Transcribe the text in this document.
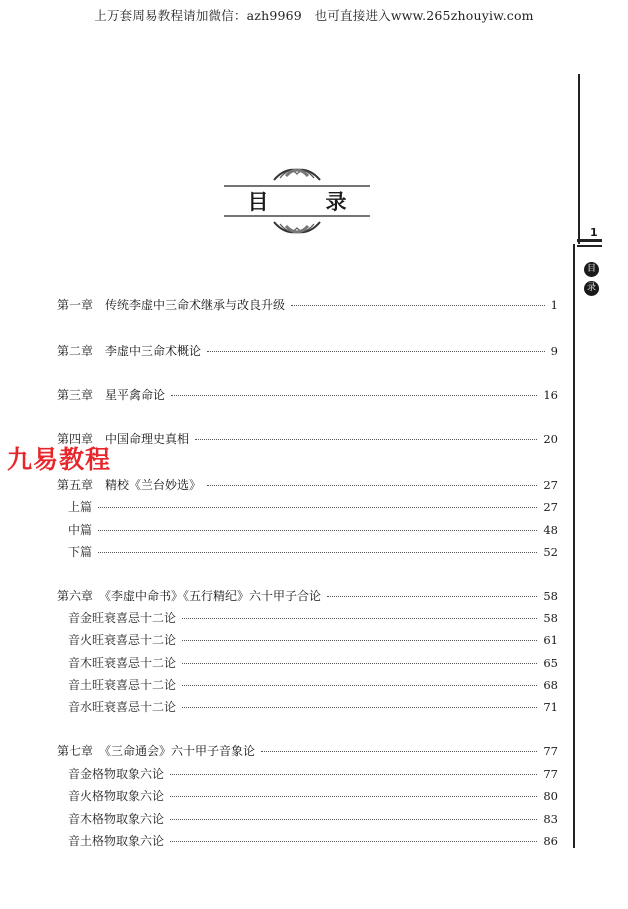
上万套周易教程请加微信：azh9969　也可直接进入www.265zhouyiw.com
目　录
1
目
录
第一章　传统李虚中三命术继承与改良升级	1
第二章　李虚中三命术概论	9
第三章　星平禽命论	16
第四章　中国命理史真相	20
第五章　精校《兰台妙选》	27
上篇	27
中篇	48
下篇	52
第六章　《李虚中命书》《五行精纪》六十甲子合论	58
音金旺衰喜忌十二论	58
音火旺衰喜忌十二论	61
音木旺衰喜忌十二论	65
音土旺衰喜忌十二论	68
音水旺衰喜忌十二论	71
第七章　《三命通会》六十甲子音象论	77
音金格物取象六论	77
音火格物取象六论	80
音木格物取象六论	83
音土格物取象六论	86
九易教程
